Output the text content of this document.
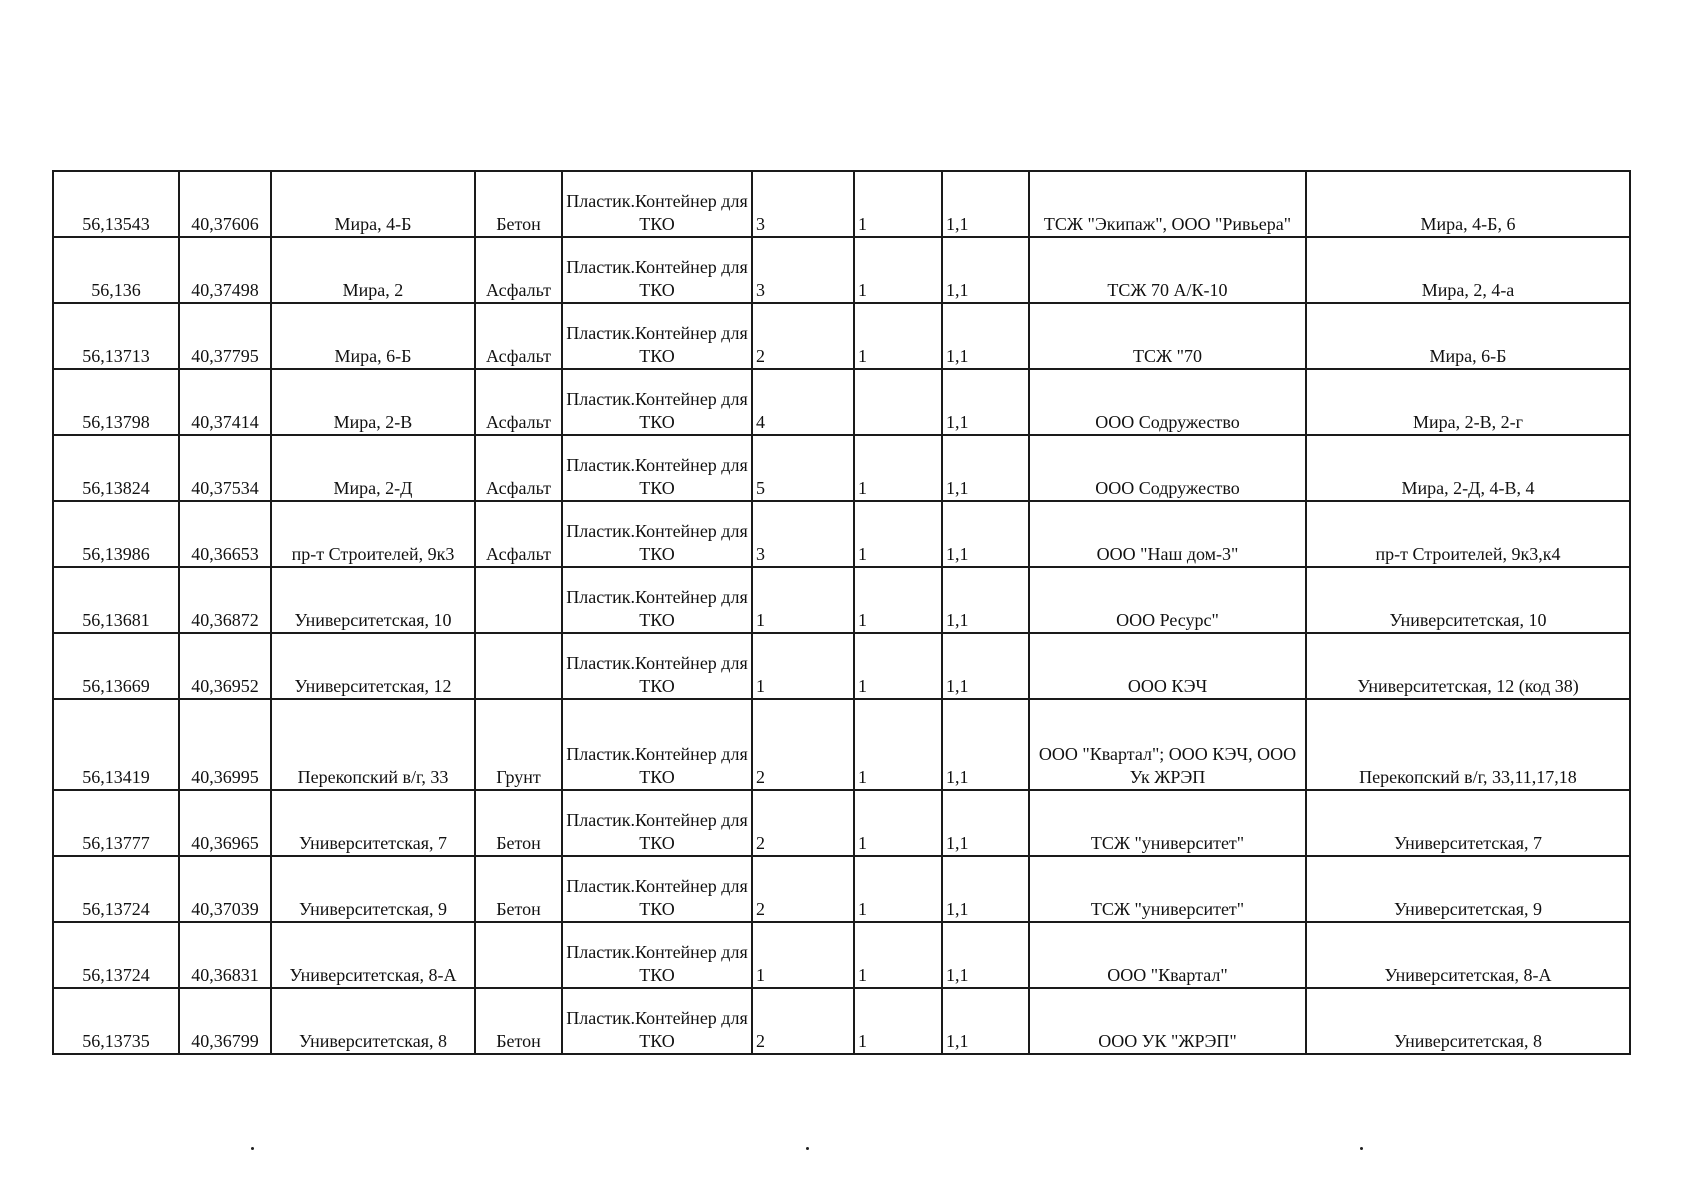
56,13543	40,37606	Мира, 4-Б	Бетон	Пластик.Контейнер для ТКО	3	1	1,1	ТСЖ "Экипаж", ООО "Ривьера"	Мира, 4-Б, 6
56,136	40,37498	Мира, 2	Асфальт	Пластик.Контейнер для ТКО	3	1	1,1	ТСЖ 70 А/К-10	Мира, 2, 4-а
56,13713	40,37795	Мира, 6-Б	Асфальт	Пластик.Контейнер для ТКО	2	1	1,1	ТСЖ "70	Мира, 6-Б
56,13798	40,37414	Мира, 2-В	Асфальт	Пластик.Контейнер для ТКО	4		1,1	ООО Содружество	Мира, 2-В, 2-г
56,13824	40,37534	Мира, 2-Д	Асфальт	Пластик.Контейнер для ТКО	5	1	1,1	ООО Содружество	Мира, 2-Д, 4-В, 4
56,13986	40,36653	пр-т Строителей, 9к3	Асфальт	Пластик.Контейнер для ТКО	3	1	1,1	ООО "Наш дом-3"	пр-т Строителей, 9к3,к4
56,13681	40,36872	Университетская, 10		Пластик.Контейнер для ТКО	1	1	1,1	ООО Ресурс"	Университетская, 10
56,13669	40,36952	Университетская, 12		Пластик.Контейнер для ТКО	1	1	1,1	ООО КЭЧ	Университетская, 12 (код 38)
56,13419	40,36995	Перекопский в/г, 33	Грунт	Пластик.Контейнер для ТКО	2	1	1,1	ООО "Квартал"; ООО КЭЧ, ООО Ук ЖРЭП	Перекопский в/г, 33,11,17,18
56,13777	40,36965	Университетская, 7	Бетон	Пластик.Контейнер для ТКО	2	1	1,1	ТСЖ "университет"	Университетская, 7
56,13724	40,37039	Университетская, 9	Бетон	Пластик.Контейнер для ТКО	2	1	1,1	ТСЖ "университет"	Университетская, 9
56,13724	40,36831	Университетская, 8-А		Пластик.Контейнер для ТКО	1	1	1,1	ООО "Квартал"	Университетская, 8-А
56,13735	40,36799	Университетская, 8	Бетон	Пластик.Контейнер для ТКО	2	1	1,1	ООО УК "ЖРЭП"	Университетская, 8
